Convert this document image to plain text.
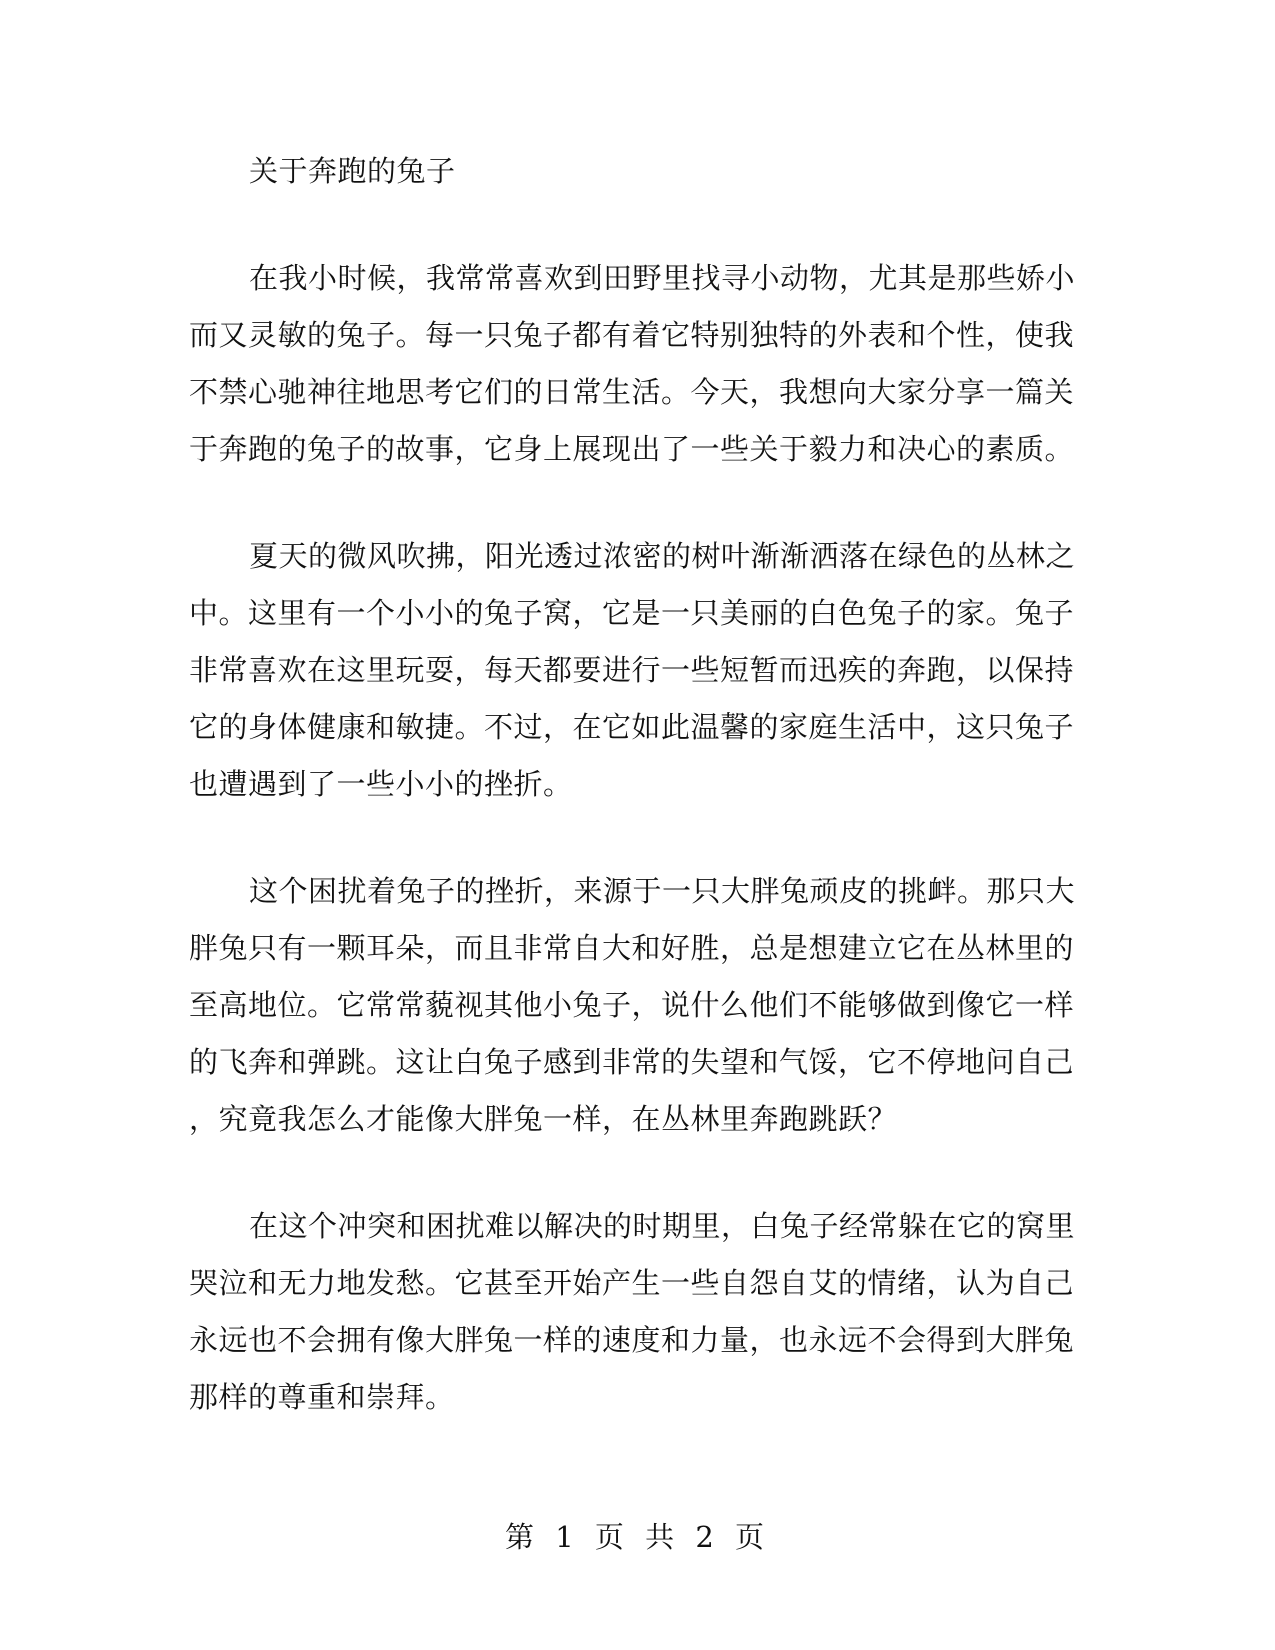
关于奔跑的兔子
在我小时候，我常常喜欢到田野里找寻小动物，尤其是那些娇小
而又灵敏的兔子。每一只兔子都有着它特别独特的外表和个性，使我
不禁心驰神往地思考它们的日常生活。今天，我想向大家分享一篇关
于奔跑的兔子的故事，它身上展现出了一些关于毅力和决心的素质。
夏天的微风吹拂，阳光透过浓密的树叶渐渐洒落在绿色的丛林之
中。这里有一个小小的兔子窝，它是一只美丽的白色兔子的家。兔子
非常喜欢在这里玩耍，每天都要进行一些短暂而迅疾的奔跑，以保持
它的身体健康和敏捷。不过，在它如此温馨的家庭生活中，这只兔子
也遭遇到了一些小小的挫折。
这个困扰着兔子的挫折，来源于一只大胖兔顽皮的挑衅。那只大
胖兔只有一颗耳朵，而且非常自大和好胜，总是想建立它在丛林里的
至高地位。它常常藐视其他小兔子，说什么他们不能够做到像它一样
的飞奔和弹跳。这让白兔子感到非常的失望和气馁，它不停地问自己
，究竟我怎么才能像大胖兔一样，在丛林里奔跑跳跃？
在这个冲突和困扰难以解决的时期里，白兔子经常躲在它的窝里
哭泣和无力地发愁。它甚至开始产生一些自怨自艾的情绪，认为自己
永远也不会拥有像大胖兔一样的速度和力量，也永远不会得到大胖兔
那样的尊重和崇拜。
第 1 页 共 2 页
